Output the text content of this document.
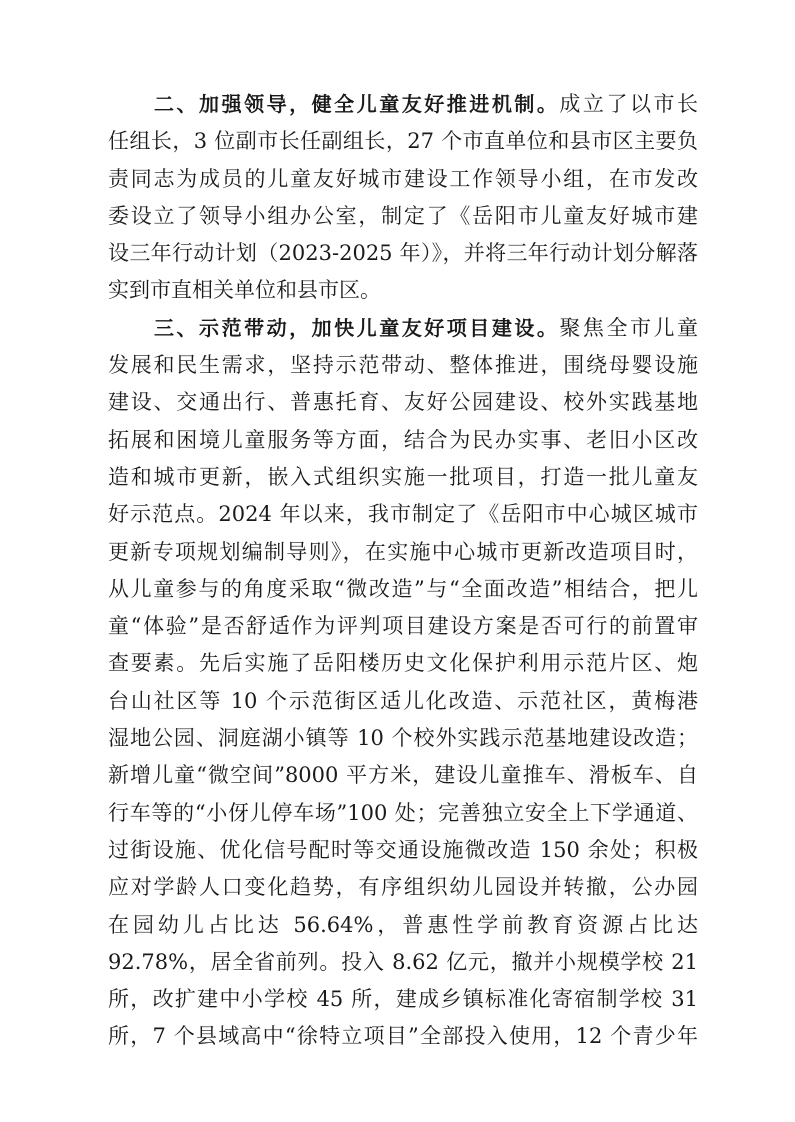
二、加强领导，健全儿童友好推进机制。成立了以市长
任组长，3 位副市长任副组长，27 个市直单位和县市区主要负
责同志为成员的儿童友好城市建设工作领导小组，在市发改
委设立了领导小组办公室，制定了《岳阳市儿童友好城市建
设三年行动计划（2023-2025 年）》，并将三年行动计划分解落
实到市直相关单位和县市区。
三、示范带动，加快儿童友好项目建设。聚焦全市儿童
发展和民生需求，坚持示范带动、整体推进，围绕母婴设施
建设、交通出行、普惠托育、友好公园建设、校外实践基地
拓展和困境儿童服务等方面，结合为民办实事、老旧小区改
造和城市更新，嵌入式组织实施一批项目，打造一批儿童友
好示范点。2024 年以来，我市制定了《岳阳市中心城区城市
更新专项规划编制导则》，在实施中心城市更新改造项目时，
从儿童参与的角度采取“微改造”与“全面改造”相结合，把儿
童“体验”是否舒适作为评判项目建设方案是否可行的前置审
查要素。先后实施了岳阳楼历史文化保护利用示范片区、炮
台山社区等 10 个示范街区适儿化改造、示范社区，黄梅港
湿地公园、洞庭湖小镇等 10 个校外实践示范基地建设改造；
新增儿童“微空间”8000 平方米，建设儿童推车、滑板车、自
行车等的“小伢儿停车场”100 处；完善独立安全上下学通道、
过街设施、优化信号配时等交通设施微改造 150 余处；积极
应对学龄人口变化趋势，有序组织幼儿园设并转撤，公办园
在园幼儿占比达 56.64%，普惠性学前教育资源占比达
92.78%，居全省前列。投入 8.62 亿元，撤并小规模学校 21
所，改扩建中小学校 45 所，建成乡镇标准化寄宿制学校 31
所，7 个县域高中“徐特立项目”全部投入使用，12 个青少年
